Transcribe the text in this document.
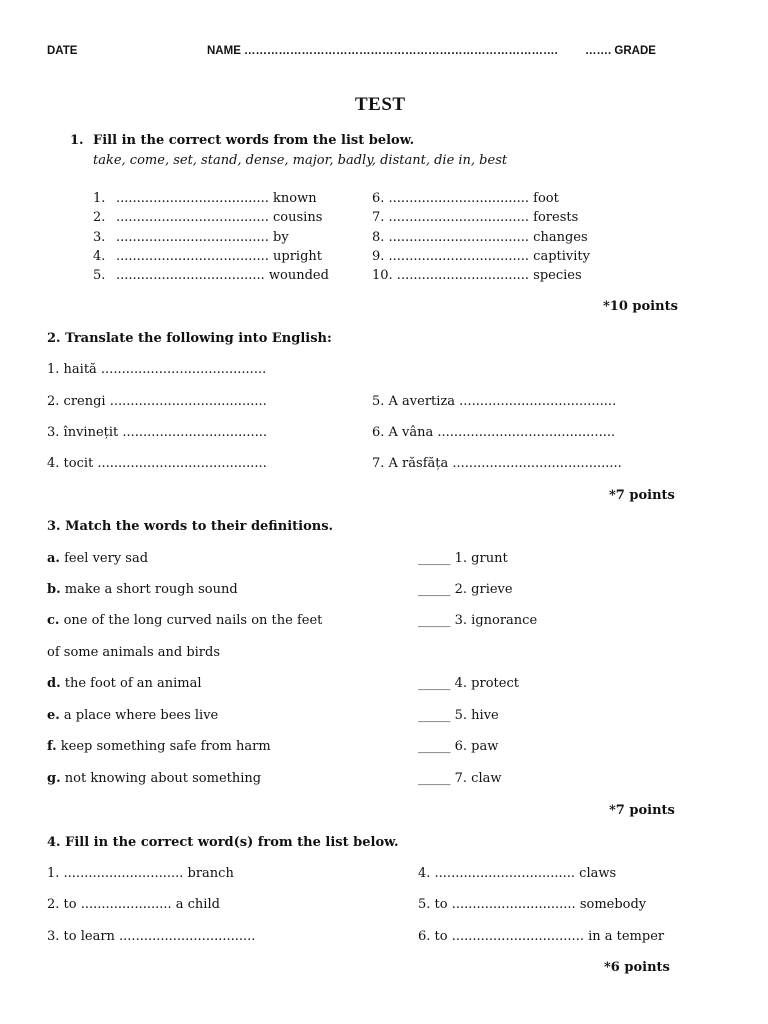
DATE	NAME ………………………………………………………………………. ……. GRADE
TEST
1. Fill in the correct words from the list below.
take, come, set, stand, dense, major, badly, distant, die in, best
1. ..................................... known
2. ..................................... cousins
3. ..................................... by
4. ..................................... upright
5. .................................... wounded
6. .................................. foot
7. .................................. forests
8. .................................. changes
9. .................................. captivity
10. ................................ species
*10 points
2. Translate the following into English:
1. haită ........................................
2. crengi ......................................
3. învinețit ...................................
4. tocit .........................................
5. A avertiza ......................................
6. A vâna ...........................................
7. A răsfăța .........................................
*7 points
3. Match the words to their definitions.
a. feel very sad
b. make a short rough sound
c. one of the long curved nails on the feet
of some animals and birds
d. the foot of an animal
e. a place where bees live
f. keep something safe from harm
g. not knowing about something
_____ 1. grunt
_____ 2. grieve
_____ 3. ignorance
_____ 4. protect
_____ 5. hive
_____ 6. paw
_____ 7. claw
*7 points
4. Fill in the correct word(s) from the list below.
1. ............................. branch
2. to ...................... a child
3. to learn .................................
4. .................................. claws
5. to .............................. somebody
6. to ................................ in a temper
*6 points
